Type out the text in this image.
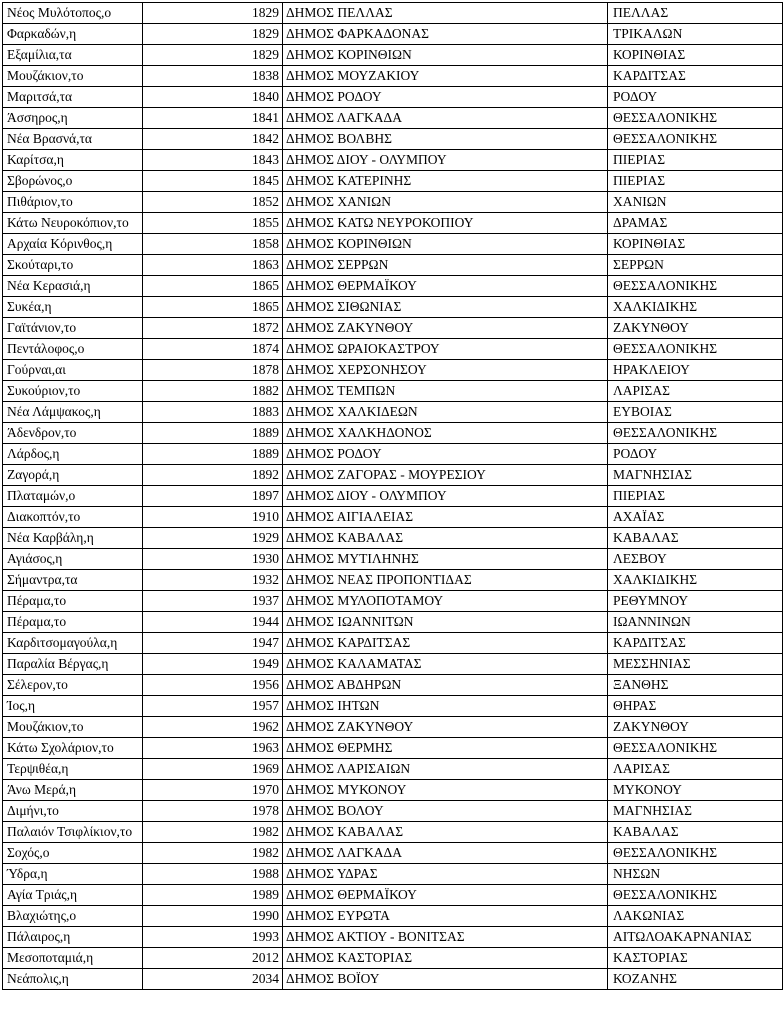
Νέος Μυλότοπος,ο	1829	ΔΗΜΟΣ ΠΕΛΛΑΣ	ΠΕΛΛΑΣ
Φαρκαδών,η	1829	ΔΗΜΟΣ ΦΑΡΚΑΔΟΝΑΣ	ΤΡΙΚΑΛΩΝ
Εξαμίλια,τα	1829	ΔΗΜΟΣ ΚΟΡΙΝΘΙΩΝ	ΚΟΡΙΝΘΙΑΣ
Μουζάκιον,το	1838	ΔΗΜΟΣ ΜΟΥΖΑΚΙΟΥ	ΚΑΡΔΙΤΣΑΣ
Μαριτσά,τα	1840	ΔΗΜΟΣ ΡΟΔΟΥ	ΡΟΔΟΥ
Άσσηρος,η	1841	ΔΗΜΟΣ ΛΑΓΚΑΔΑ	ΘΕΣΣΑΛΟΝΙΚΗΣ
Νέα Βρασνά,τα	1842	ΔΗΜΟΣ ΒΟΛΒΗΣ	ΘΕΣΣΑΛΟΝΙΚΗΣ
Καρίτσα,η	1843	ΔΗΜΟΣ ΔΙΟΥ - ΟΛΥΜΠΟΥ	ΠΙΕΡΙΑΣ
Σβορώνος,ο	1845	ΔΗΜΟΣ ΚΑΤΕΡΙΝΗΣ	ΠΙΕΡΙΑΣ
Πιθάριον,το	1852	ΔΗΜΟΣ ΧΑΝΙΩΝ	ΧΑΝΙΩΝ
Κάτω Νευροκόπιον,το	1855	ΔΗΜΟΣ ΚΑΤΩ ΝΕΥΡΟΚΟΠΙΟΥ	ΔΡΑΜΑΣ
Αρχαία Κόρινθος,η	1858	ΔΗΜΟΣ ΚΟΡΙΝΘΙΩΝ	ΚΟΡΙΝΘΙΑΣ
Σκούταρι,το	1863	ΔΗΜΟΣ ΣΕΡΡΩΝ	ΣΕΡΡΩΝ
Νέα Κερασιά,η	1865	ΔΗΜΟΣ ΘΕΡΜΑΪΚΟΥ	ΘΕΣΣΑΛΟΝΙΚΗΣ
Συκέα,η	1865	ΔΗΜΟΣ ΣΙΘΩΝΙΑΣ	ΧΑΛΚΙΔΙΚΗΣ
Γαϊτάνιον,το	1872	ΔΗΜΟΣ ΖΑΚΥΝΘΟΥ	ΖΑΚΥΝΘΟΥ
Πεντάλοφος,ο	1874	ΔΗΜΟΣ ΩΡΑΙΟΚΑΣΤΡΟΥ	ΘΕΣΣΑΛΟΝΙΚΗΣ
Γούρναι,αι	1878	ΔΗΜΟΣ ΧΕΡΣΟΝΗΣΟΥ	ΗΡΑΚΛΕΙΟΥ
Συκούριον,το	1882	ΔΗΜΟΣ ΤΕΜΠΩΝ	ΛΑΡΙΣΑΣ
Νέα Λάμψακος,η	1883	ΔΗΜΟΣ ΧΑΛΚΙΔΕΩΝ	ΕΥΒΟΙΑΣ
Άδενδρον,το	1889	ΔΗΜΟΣ ΧΑΛΚΗΔΟΝΟΣ	ΘΕΣΣΑΛΟΝΙΚΗΣ
Λάρδος,η	1889	ΔΗΜΟΣ ΡΟΔΟΥ	ΡΟΔΟΥ
Ζαγορά,η	1892	ΔΗΜΟΣ ΖΑΓΟΡΑΣ - ΜΟΥΡΕΣΙΟΥ	ΜΑΓΝΗΣΙΑΣ
Πλαταμών,ο	1897	ΔΗΜΟΣ ΔΙΟΥ - ΟΛΥΜΠΟΥ	ΠΙΕΡΙΑΣ
Διακοπτόν,το	1910	ΔΗΜΟΣ ΑΙΓΙΑΛΕΙΑΣ	ΑΧΑΪΑΣ
Νέα Καρβάλη,η	1929	ΔΗΜΟΣ ΚΑΒΑΛΑΣ	ΚΑΒΑΛΑΣ
Αγιάσος,η	1930	ΔΗΜΟΣ ΜΥΤΙΛΗΝΗΣ	ΛΕΣΒΟΥ
Σήμαντρα,τα	1932	ΔΗΜΟΣ ΝΕΑΣ ΠΡΟΠΟΝΤΙΔΑΣ	ΧΑΛΚΙΔΙΚΗΣ
Πέραμα,το	1937	ΔΗΜΟΣ ΜΥΛΟΠΟΤΑΜΟΥ	ΡΕΘΥΜΝΟΥ
Πέραμα,το	1944	ΔΗΜΟΣ ΙΩΑΝΝΙΤΩΝ	ΙΩΑΝΝΙΝΩΝ
Καρδιτσομαγούλα,η	1947	ΔΗΜΟΣ ΚΑΡΔΙΤΣΑΣ	ΚΑΡΔΙΤΣΑΣ
Παραλία Βέργας,η	1949	ΔΗΜΟΣ ΚΑΛΑΜΑΤΑΣ	ΜΕΣΣΗΝΙΑΣ
Σέλερον,το	1956	ΔΗΜΟΣ ΑΒΔΗΡΩΝ	ΞΑΝΘΗΣ
Ίος,η	1957	ΔΗΜΟΣ ΙΗΤΩΝ	ΘΗΡΑΣ
Μουζάκιον,το	1962	ΔΗΜΟΣ ΖΑΚΥΝΘΟΥ	ΖΑΚΥΝΘΟΥ
Κάτω Σχολάριον,το	1963	ΔΗΜΟΣ ΘΕΡΜΗΣ	ΘΕΣΣΑΛΟΝΙΚΗΣ
Τερψιθέα,η	1969	ΔΗΜΟΣ ΛΑΡΙΣΑΙΩΝ	ΛΑΡΙΣΑΣ
Άνω Μερά,η	1970	ΔΗΜΟΣ ΜΥΚΟΝΟΥ	ΜΥΚΟΝΟΥ
Διμήνι,το	1978	ΔΗΜΟΣ ΒΟΛΟΥ	ΜΑΓΝΗΣΙΑΣ
Παλαιόν Τσιφλίκιον,το	1982	ΔΗΜΟΣ ΚΑΒΑΛΑΣ	ΚΑΒΑΛΑΣ
Σοχός,ο	1982	ΔΗΜΟΣ ΛΑΓΚΑΔΑ	ΘΕΣΣΑΛΟΝΙΚΗΣ
Ύδρα,η	1988	ΔΗΜΟΣ ΥΔΡΑΣ	ΝΗΣΩΝ
Αγία Τριάς,η	1989	ΔΗΜΟΣ ΘΕΡΜΑΪΚΟΥ	ΘΕΣΣΑΛΟΝΙΚΗΣ
Βλαχιώτης,ο	1990	ΔΗΜΟΣ ΕΥΡΩΤΑ	ΛΑΚΩΝΙΑΣ
Πάλαιρος,η	1993	ΔΗΜΟΣ ΑΚΤΙΟΥ - ΒΟΝΙΤΣΑΣ	ΑΙΤΩΛΟΑΚΑΡΝΑΝΙΑΣ
Μεσοποταμιά,η	2012	ΔΗΜΟΣ ΚΑΣΤΟΡΙΑΣ	ΚΑΣΤΟΡΙΑΣ
Νεάπολις,η	2034	ΔΗΜΟΣ ΒΟΪΟΥ	ΚΟΖΑΝΗΣ
